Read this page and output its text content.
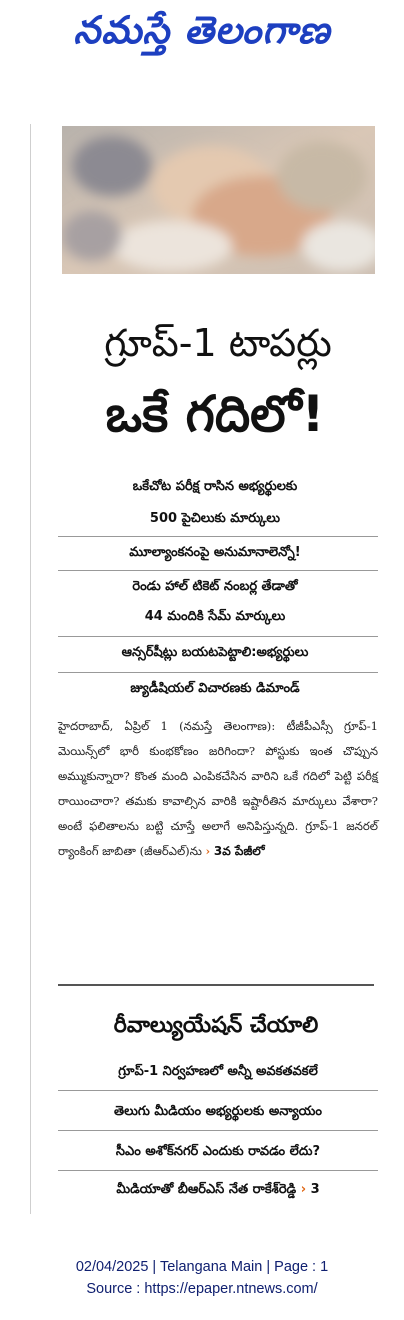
నమస్తే తెలంగాణ
గ్రూప్‌-1 టాపర్లు
ఒకే గదిలో!
ఒకేచోట పరీక్ష రాసిన అభ్యర్థులకు
500 పైచిలుకు మార్కులు
మూల్యాంకనంపై అనుమానాలెన్నో!
రెండు హాల్‌ టికెట్‌ నంబర్ల తేడాతో
44 మందికి సేమ్‌ మార్కులు
ఆన్సర్‌షీట్లు బయటపెట్టాలి:అభ్యర్థులు
జ్యుడీషియల్‌ విచారణకు డిమాండ్‌
హైదరాబాద్‌, ఏప్రిల్‌ 1 (నమస్తే తెలంగాణ): టీజీపీఎస్సీ గ్రూప్‌-1 మెయిన్స్‌లో భారీ కుంభకోణం జరిగిందా? పోస్టుకు ఇంత చొప్పున అమ్ముకున్నారా? కొంత మంది ఎంపికచేసిన వారిని ఒకే గదిలో పెట్టి పరీక్ష రాయించారా? తమకు కావాల్సిన వారికి ఇష్టారీతిన మార్కులు వేశారా? అంటే ఫలితాలను బట్టి చూస్తే అలాగే అనిపిస్తున్నది. గ్రూప్‌-1 జనరల్‌ ర్యాంకింగ్‌ జాబితా (జీఆర్‌ఎల్‌)ను › 3వ పేజీలో
రీవాల్యుయేషన్‌ చేయాలి
గ్రూప్‌-1 నిర్వహణలో అన్నీ అవకతవకలే
తెలుగు మీడియం అభ్యర్థులకు అన్యాయం
సీఎం అశోక్‌నగర్‌ ఎందుకు రావడం లేదు?
మీడియాతో బీఆర్‌ఎస్‌ నేత రాకేశ్‌రెడ్డి › 3
02/04/2025 | Telangana Main | Page : 1
Source : https://epaper.ntnews.com/
